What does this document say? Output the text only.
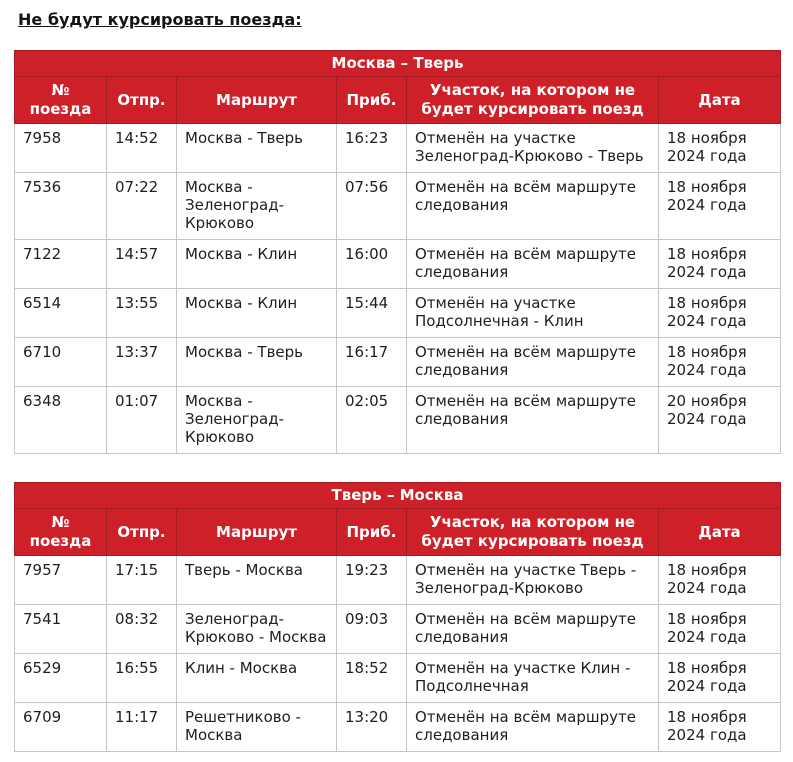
Не будут курсировать поезда:
Москва – Тверь					
№ поезда	Отпр.	Маршрут	Приб.	Участок, на котором не будет курсировать поезд	Дата
7958	14:52	Москва - Тверь	16:23	Отменён на участке Зеленоград-Крюково - Тверь	18 ноября 2024 года
7536	07:22	Москва - Зеленоград-Крюково	07:56	Отменён на всём маршруте следования	18 ноября 2024 года
7122	14:57	Москва - Клин	16:00	Отменён на всём маршруте следования	18 ноября 2024 года
6514	13:55	Москва - Клин	15:44	Отменён на участке Подсолнечная - Клин	18 ноября 2024 года
6710	13:37	Москва - Тверь	16:17	Отменён на всём маршруте следования	18 ноября 2024 года
6348	01:07	Москва - Зеленоград-Крюково	02:05	Отменён на всём маршруте следования	20 ноября 2024 года
Тверь – Москва					
№ поезда	Отпр.	Маршрут	Приб.	Участок, на котором не будет курсировать поезд	Дата
7957	17:15	Тверь - Москва	19:23	Отменён на участке Тверь - Зеленоград-Крюково	18 ноября 2024 года
7541	08:32	Зеленоград-Крюково - Москва	09:03	Отменён на всём маршруте следования	18 ноября 2024 года
6529	16:55	Клин - Москва	18:52	Отменён на участке Клин - Подсолнечная	18 ноября 2024 года
6709	11:17	Решетниково - Москва	13:20	Отменён на всём маршруте следования	18 ноября 2024 года
